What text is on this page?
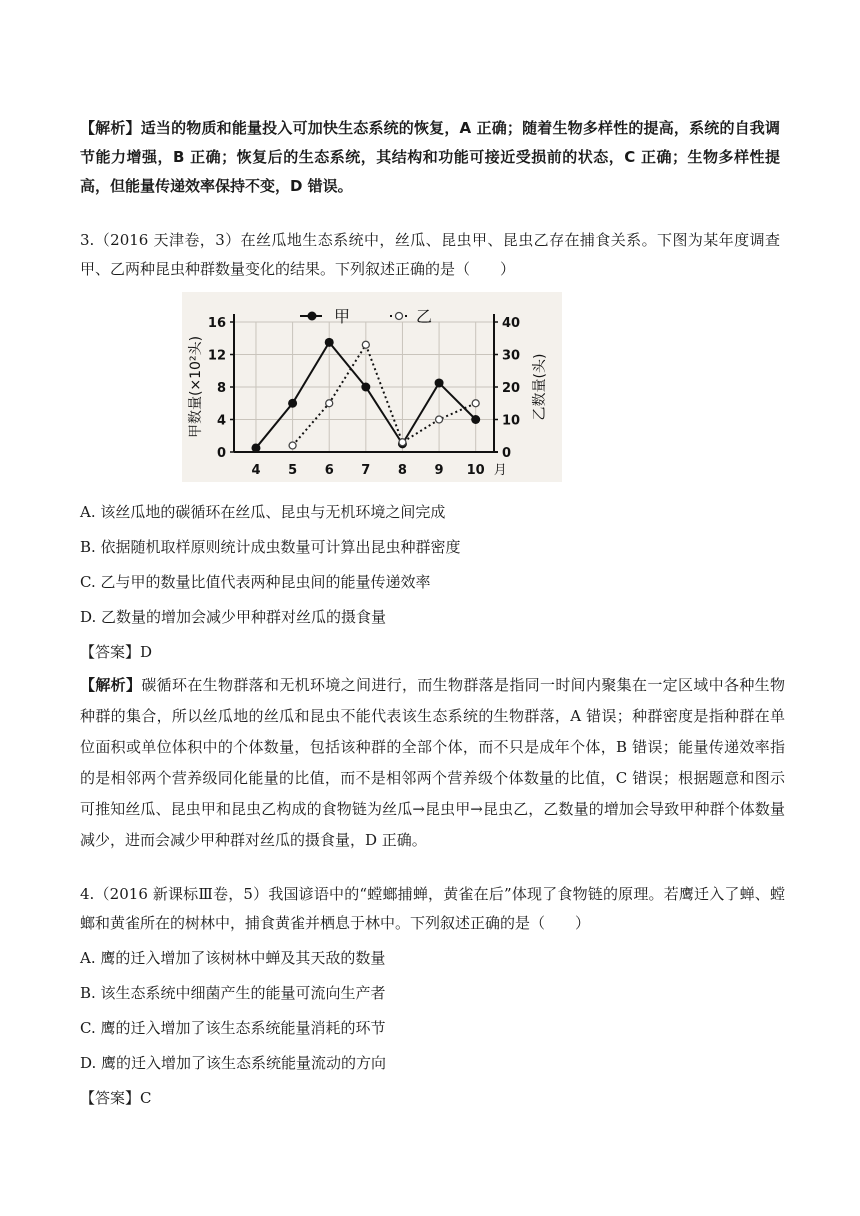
【解析】适当的物质和能量投入可加快生态系统的恢复，A 正确；随着生物多样性的提高，系统的自我调节能力增强，B 正确；恢复后的生态系统，其结构和功能可接近受损前的状态，C 正确；生物多样性提高，但能量传递效率保持不变，D 错误。

3.（2016 天津卷，3）在丝瓜地生态系统中，丝瓜、昆虫甲、昆虫乙存在捕食关系。下图为某年度调查甲、乙两种昆虫种群数量变化的结果。下列叙述正确的是（　　）

0
4
8
12
16
0
10
20
30
40
4 5 6 7 8 9 10 月
甲数量(×10²头)	乙数量(头)
甲	乙
A. 该丝瓜地的碳循环在丝瓜、昆虫与无机环境之间完成
B. 依据随机取样原则统计成虫数量可计算出昆虫种群密度
C. 乙与甲的数量比值代表两种昆虫间的能量传递效率
D. 乙数量的增加会减少甲种群对丝瓜的摄食量
【答案】D

【解析】碳循环在生物群落和无机环境之间进行，而生物群落是指同一时间内聚集在一定区域中各种生物种群的集合，所以丝瓜地的丝瓜和昆虫不能代表该生态系统的生物群落，A 错误；种群密度是指种群在单位面积或单位体积中的个体数量，包括该种群的全部个体，而不只是成年个体，B 错误；能量传递效率指的是相邻两个营养级同化能量的比值，而不是相邻两个营养级个体数量的比值，C 错误；根据题意和图示可推知丝瓜、昆虫甲和昆虫乙构成的食物链为丝瓜→昆虫甲→昆虫乙，乙数量的增加会导致甲种群个体数量减少，进而会减少甲种群对丝瓜的摄食量，D 正确。

4.（2016 新课标Ⅲ卷，5）我国谚语中的“螳螂捕蝉，黄雀在后”体现了食物链的原理。若鹰迁入了蝉、螳螂和黄雀所在的树林中，捕食黄雀并栖息于林中。下列叙述正确的是（　　）

A. 鹰的迁入增加了该树林中蝉及其天敌的数量
B. 该生态系统中细菌产生的能量可流向生产者
C. 鹰的迁入增加了该生态系统能量消耗的环节
D. 鹰的迁入增加了该生态系统能量流动的方向
【答案】C
